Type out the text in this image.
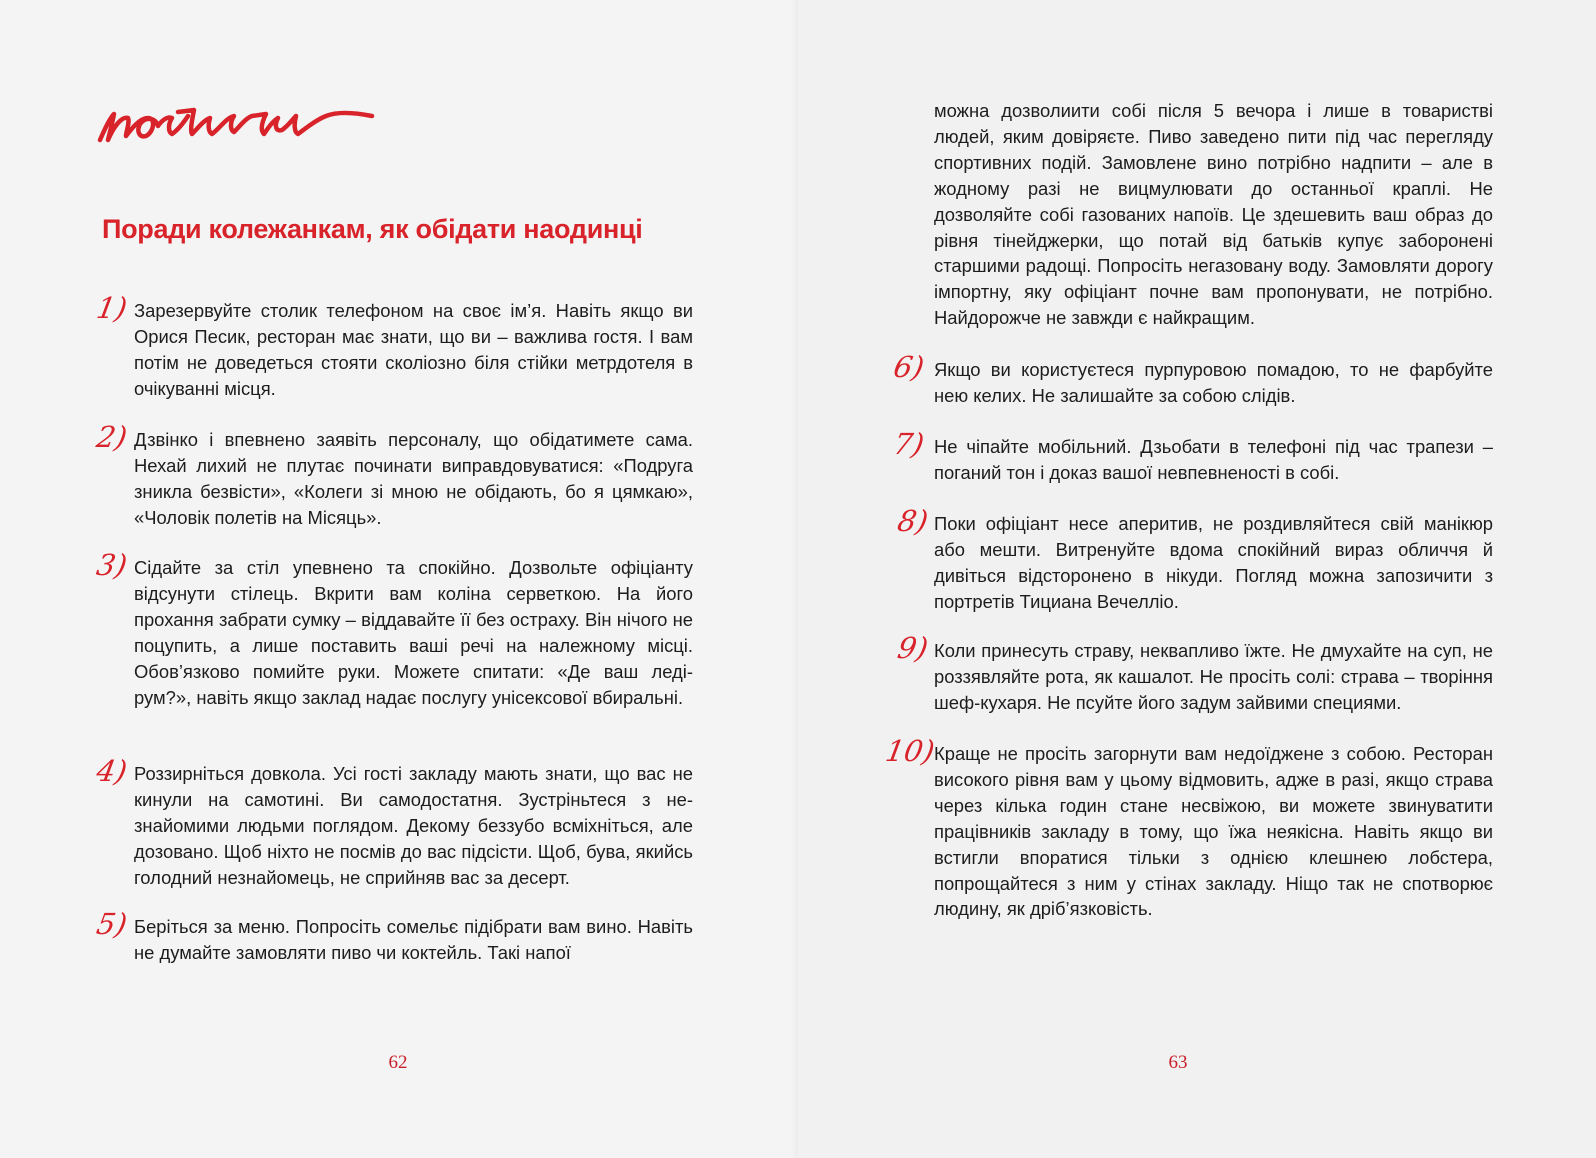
Поради колежанкам, як обідати наодинці
1) Зарезервуйте столик телефоном на своє ім’я. Навіть якщо ви Орися Песик, ресторан має знати, що ви – важлива гостя. І вам потім не доведеться стояти сколіозно біля стійки метрдотеля в очікуванні місця.
2) Дзвінко і впевнено заявіть персоналу, що обідатимете сама. Нехай лихий не плутає починати виправдовуватися: «Подруга зникла безвісти», «Колеги зі мною не обідають, бо я цямкаю», «Чоловік полетів на Місяць».
3) Сідайте за стіл упевнено та спокійно. Дозвольте офіціанту відсунути стілець. Вкрити вам коліна серветкою. На його прохання забрати сумку – віддавайте її без остраху. Він нічого не поцупить, а лише поставить ваші речі на належному місці. Обов’язково помийте руки. Можете спитати: «Де ваш леді-рум?», навіть якщо заклад надає послугу унісексової вбиральні.
4) Роззирніться довкола. Усі гості закладу мають знати, що вас не кинули на самотині. Ви самодостатня. Зустріньтеся з незнайомими людьми поглядом. Декому беззубо всміхніться, але дозовано. Щоб ніхто не посмів до вас підсісти. Щоб, бува, якийсь голодний незнайомець, не сприйняв вас за десерт.
5) Беріться за меню. Попросіть сомельє підібрати вам вино. Навіть не думайте замовляти пиво чи коктейль. Такі напої
62
можна дозволиити собі після 5 вечора і лише в товаристві людей, яким довіряєте. Пиво заведено пити під час перегляду спортивних подій. Замовлене вино потрібно надпити – але в жодному разі не вицмулювати до останньої краплі. Не дозволяйте собі газованих напоїв. Це здешевить ваш образ до рівня тінейджерки, що потай від батьків купує заборонені старшими радощі. Попросіть негазовану воду. Замовляти дорогу імпортну, яку офіціант почне вам пропонувати, не потрібно. Найдорожче не завжди є найкращим.
6) Якщо ви користуєтеся пурпуровою помадою, то не фарбуйте нею келих. Не залишайте за собою слідів.
7) Не чіпайте мобільний. Дзьобати в телефоні під час трапези – поганий тон і доказ вашої невпевненості в собі.
8) Поки офіціант несе аперитив, не роздивляйтеся свій манікюр або мешти. Витренуйте вдома спокійний вираз обличчя й дивіться відсторонено в нікуди. Погляд можна запозичити з портретів Тициана Вечелліо.
9) Коли принесуть страву, неквапливо їжте. Не дмухайте на суп, не роззявляйте рота, як кашалот. Не просіть солі: страва – творіння шеф-кухаря. Не псуйте його задум зайвими специями.
10)
Краще не просіть загорнути вам недоїджене з собою. Ресторан високого рівня вам у цьому відмовить, адже в разі, якщо страва через кілька годин стане несвіжою, ви можете звинуватити працівників закладу в тому, що їжа неякісна. Навіть якщо ви встигли впоратися тільки з однією клешнею лобстера, попрощайтеся з ним у стінах закладу. Ніщо так не спотворює людину, як дріб’язковість.
63
